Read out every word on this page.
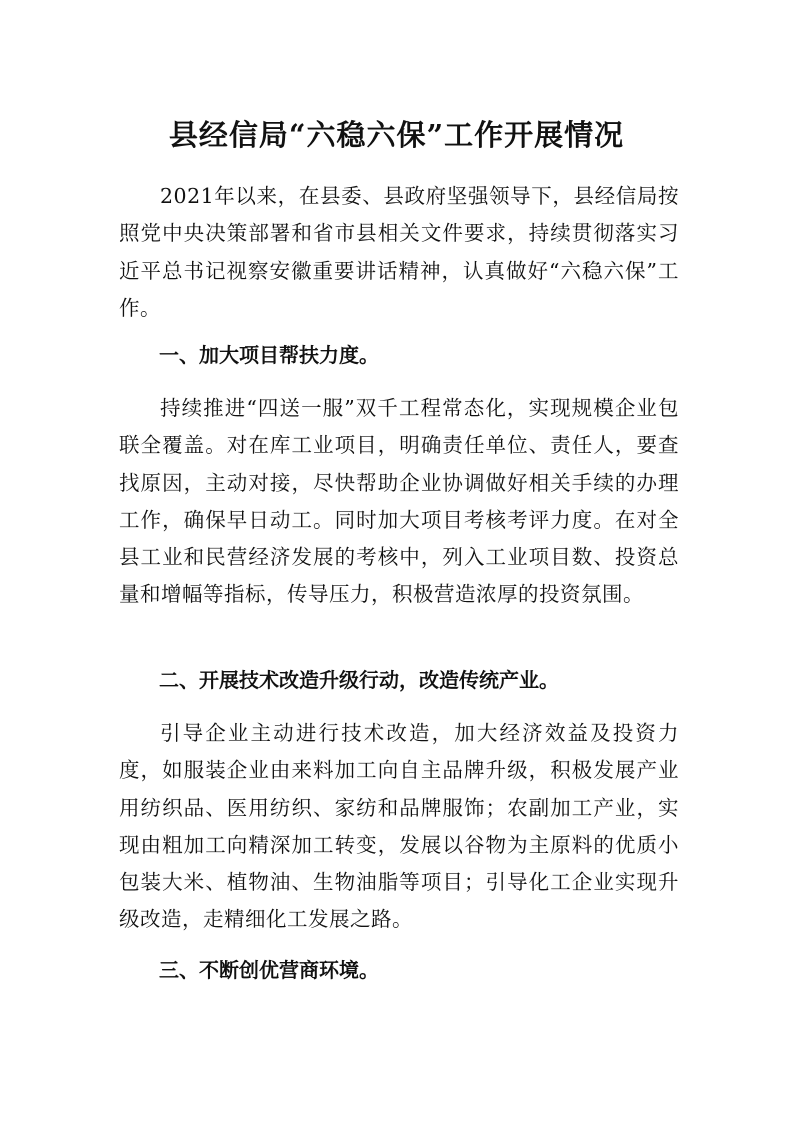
县经信局“六稳六保”工作开展情况

2021年以来，在县委、县政府坚强领导下，县经信局按照党中央决策部署和省市县相关文件要求，持续贯彻落实习近平总书记视察安徽重要讲话精神，认真做好“六稳六保”工作。

一、加大项目帮扶力度。

持续推进“四送一服”双千工程常态化，实现规模企业包联全覆盖。对在库工业项目，明确责任单位、责任人，要查找原因，主动对接，尽快帮助企业协调做好相关手续的办理工作，确保早日动工。同时加大项目考核考评力度。在对全县工业和民营经济发展的考核中，列入工业项目数、投资总量和增幅等指标，传导压力，积极营造浓厚的投资氛围。

二、开展技术改造升级行动，改造传统产业。

引导企业主动进行技术改造，加大经济效益及投资力度，如服装企业由来料加工向自主品牌升级，积极发展产业用纺织品、医用纺织、家纺和品牌服饰；农副加工产业，实现由粗加工向精深加工转变，发展以谷物为主原料的优质小包装大米、植物油、生物油脂等项目；引导化工企业实现升级改造，走精细化工发展之路。

三、不断创优营商环境。
